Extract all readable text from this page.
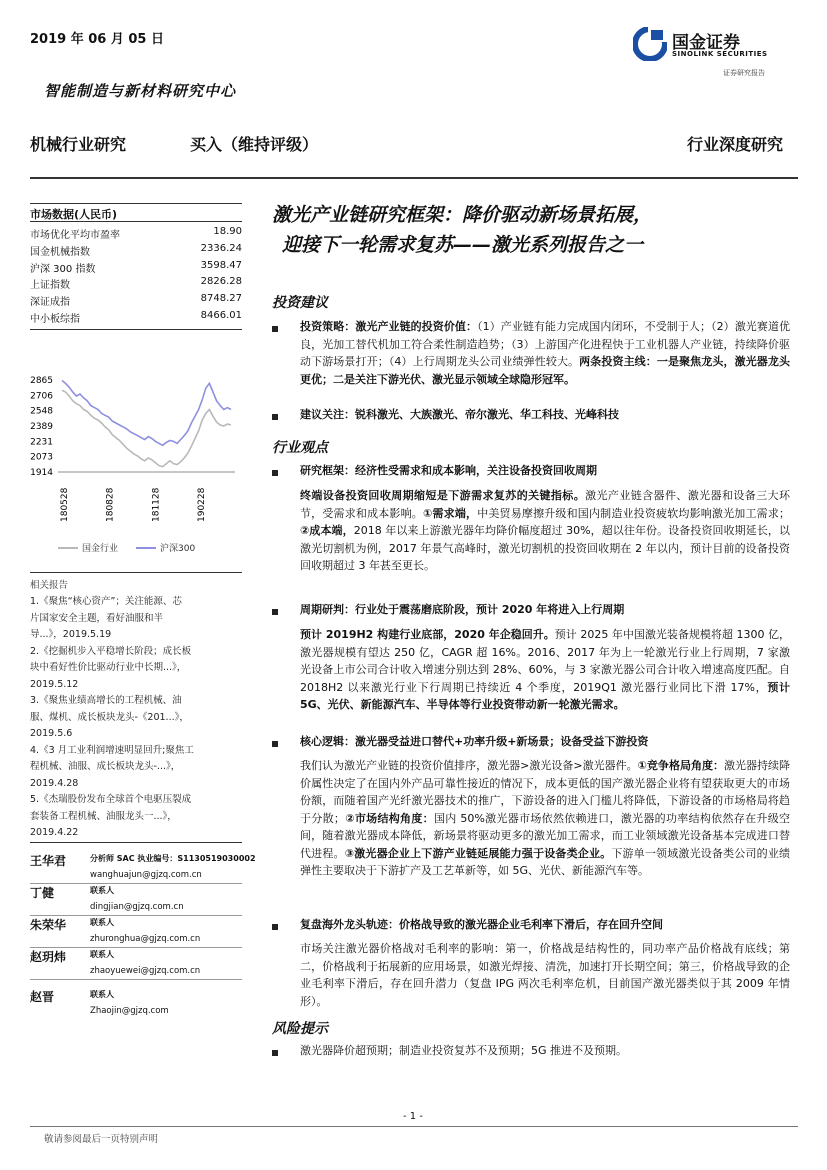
2019 年 06 月 05 日
智能制造与新材料研究中心
国金证券
SINOLINK SECURITIES
证券研究报告
机械行业研究	买入（维持评级）	行业深度研究
市场数据(人民币)
市场优化平均市盈率	18.90
国金机械指数	2336.24
沪深 300 指数	3598.47
上证指数	2826.28
深证成指	8748.27
中小板综指	8466.01
2865
2706
2548
2389
2231
2073
1914
180528	180828	181128	190228
国金行业	沪深300
相关报告
1.《聚焦“核心资产”；关注能源、芯
片国家安全主题，看好油服和半
导...》，2019.5.19
2.《挖掘机步入平稳增长阶段；成长板
块中看好性价比驱动行业中长期...》，
2019.5.12
3.《聚焦业绩高增长的工程机械、油
服、煤机、成长板块龙头-《201...》，
2019.5.6
4.《3 月工业利润增速明显回升;聚焦工
程机械、油服、成长板块龙头-...》，
2019.4.28
5.《杰瑞股份发布全球首个电驱压裂成
套装备工程机械、油服龙头一...》，
2019.4.22
王华君	分析师 SAC 执业编号：S1130519030002
wanghuajun@gjzq.com.cn
丁健	联系人
dingjian@gjzq.com.cn
朱荣华	联系人
zhuronghua@gjzq.com.cn
赵玥炜	联系人
zhaoyuewei@gjzq.com.cn
赵晋	联系人
Zhaojin@gjzq.com
激光产业链研究框架：降价驱动新场景拓展，
迎接下一轮需求复苏——激光系列报告之一
投资建议
投资策略：激光产业链的投资价值：（1）产业链有能力完成国内闭环，不受制于人；（2）激光赛道优良，光加工替代机加工符合柔性制造趋势；（3）上游国产化进程快于工业机器人产业链，持续降价驱动下游场景打开；（4）上行周期龙头公司业绩弹性较大。两条投资主线：一是聚焦龙头，激光器龙头更优；二是关注下游光伏、激光显示领域全球隐形冠军。
建议关注：锐科激光、大族激光、帝尔激光、华工科技、光峰科技
行业观点
研究框架：经济性受需求和成本影响，关注设备投资回收周期
终端设备投资回收周期缩短是下游需求复苏的关键指标。激光产业链含器件、激光器和设备三大环节，受需求和成本影响。①需求端，中美贸易摩擦升级和国内制造业投资疲软均影响激光加工需求；②成本端，2018 年以来上游激光器年均降价幅度超过 30%，超以往年份。设备投资回收期延长，以激光切割机为例，2017 年景气高峰时，激光切割机的投资回收期在 2 年以内，预计目前的设备投资回收期超过 3 年甚至更长。
周期研判：行业处于震荡磨底阶段，预计 2020 年将进入上行周期
预计 2019H2 构建行业底部，2020 年企稳回升。预计 2025 年中国激光装备规模将超 1300 亿，激光器规模有望达 250 亿，CAGR 超 16%。2016、2017 年为上一轮激光行业上行周期，7 家激光设备上市公司合计收入增速分别达到 28%、60%，与 3 家激光器公司合计收入增速高度匹配。自 2018H2 以来激光行业下行周期已持续近 4 个季度，2019Q1 激光器行业同比下滑 17%，预计 5G、光伏、新能源汽车、半导体等行业投资带动新一轮激光需求。
核心逻辑：激光器受益进口替代+功率升级+新场景；设备受益下游投资
我们认为激光产业链的投资价值排序，激光器>激光设备>激光器件。①竞争格局角度：激光器持续降价属性决定了在国内外产品可靠性接近的情况下，成本更低的国产激光器企业将有望获取更大的市场份额，而随着国产光纤激光器技术的推广，下游设备的进入门槛儿将降低，下游设备的市场格局将趋于分散；②市场结构角度：国内 50%激光器市场依然依赖进口，激光器的功率结构依然存在升级空间，随着激光器成本降低，新场景将驱动更多的激光加工需求，而工业领域激光设备基本完成进口替代进程。③激光器企业上下游产业链延展能力强于设备类企业。下游单一领域激光设备类公司的业绩弹性主要取决于下游扩产及工艺革新等，如 5G、光伏、新能源汽车等。
复盘海外龙头轨迹：价格战导致的激光器企业毛利率下滑后，存在回升空间
市场关注激光器价格战对毛利率的影响：第一，价格战是结构性的，同功率产品价格战有底线；第二，价格战利于拓展新的应用场景，如激光焊接、清洗，加速打开长期空间；第三，价格战导致的企业毛利率下滑后，存在回升潜力（复盘 IPG 两次毛利率危机，目前国产激光器类似于其 2009 年情形）。
风险提示
激光器降价超预期；制造业投资复苏不及预期；5G 推进不及预期。
- 1 -
敬请参阅最后一页特别声明
